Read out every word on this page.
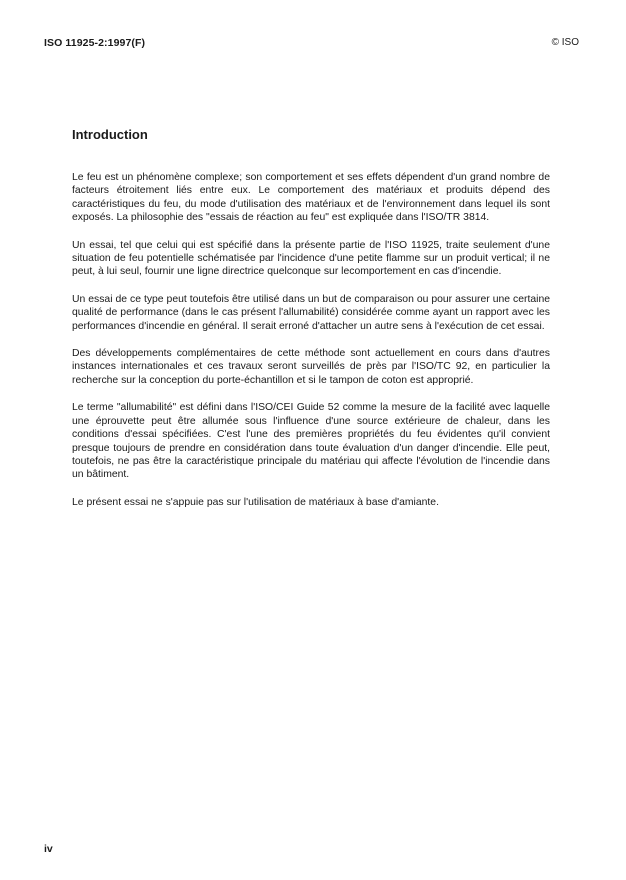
ISO 11925-2:1997(F)	© ISO
Introduction

Le feu est un phénomène complexe; son comportement et ses effets dépendent d'un grand nombre de facteurs étroitement liés entre eux. Le comportement des matériaux et produits dépend des caractéristiques du feu, du mode d'utilisation des matériaux et de l'environnement dans lequel ils sont exposés. La philosophie des "essais de réaction au feu" est expliquée dans l'ISO/TR 3814.

Un essai, tel que celui qui est spécifié dans la présente partie de l'ISO 11925, traite seulement d'une situation de feu potentielle schématisée par l'incidence d'une petite flamme sur un produit vertical; il ne peut, à lui seul, fournir une ligne directrice quelconque sur lecomportement en cas d'incendie.

Un essai de ce type peut toutefois être utilisé dans un but de comparaison ou pour assurer une certaine qualité de performance (dans le cas présent l'allumabilité) considérée comme ayant un rapport avec les performances d'incendie en général. Il serait erroné d'attacher un autre sens à l'exécution de cet essai.

Des développements complémentaires de cette méthode sont actuellement en cours dans d'autres instances internationales et ces travaux seront surveillés de près par l'ISO/TC 92, en particulier la recherche sur la conception du porte-échantillon et si le tampon de coton est approprié.

Le terme "allumabilité" est défini dans l'ISO/CEI Guide 52 comme la mesure de la facilité avec laquelle une éprouvette peut être allumée sous l'influence d'une source extérieure de chaleur, dans les conditions d'essai spécifiées. C'est l'une des premières propriétés du feu évidentes qu'il convient presque toujours de prendre en considération dans toute évaluation d'un danger d'incendie. Elle peut, toutefois, ne pas être la caractéristique principale du matériau qui affecte l'évolution de l'incendie dans un bâtiment.

Le présent essai ne s'appuie pas sur l'utilisation de matériaux à base d'amiante.

iv
